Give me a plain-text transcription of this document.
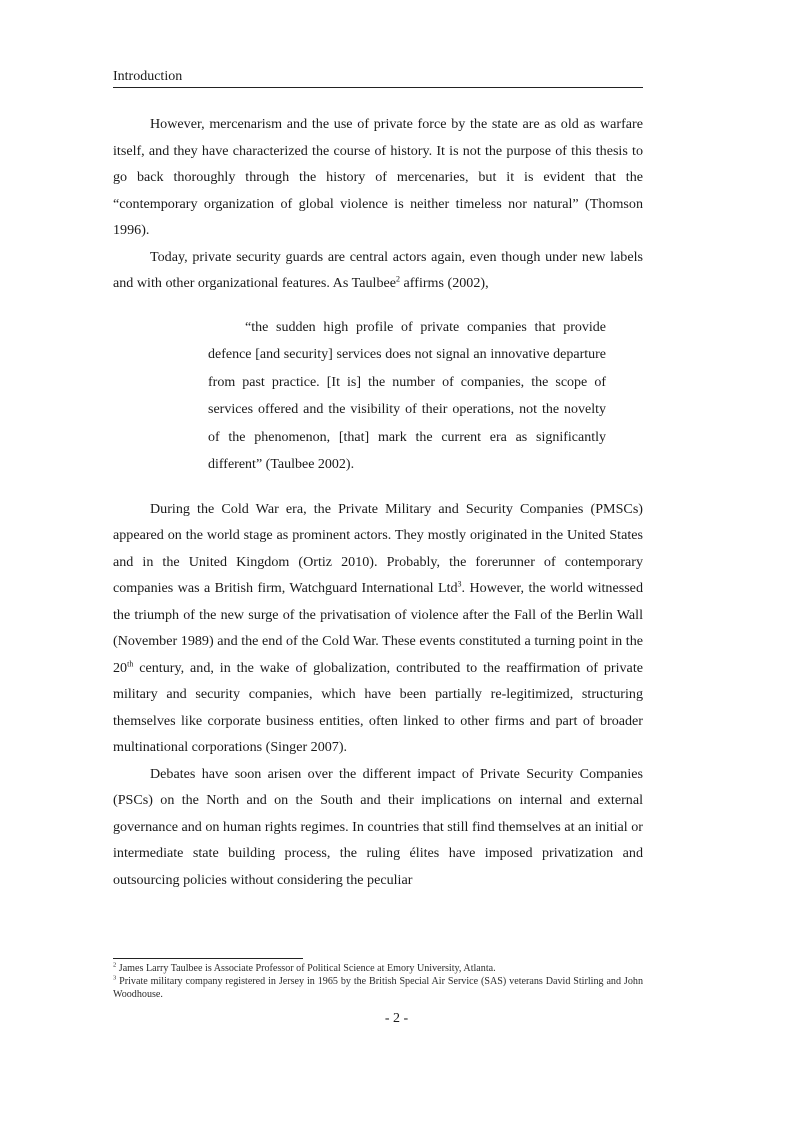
Introduction

However, mercenarism and the use of private force by the state are as old as warfare itself, and they have characterized the course of history. It is not the purpose of this thesis to go back thoroughly through the history of mercenaries, but it is evident that the “contemporary organization of global violence is neither timeless nor natural” (Thomson 1996).

Today, private security guards are central actors again, even though under new labels and with other organizational features. As Taulbee$^2$ affirms (2002),

“the sudden high profile of private companies that provide defence [and security] services does not signal an innovative departure from past practice. [It is] the number of companies, the scope of services offered and the visibility of their operations, not the novelty of the phenomenon, [that] mark the current era as significantly different” (Taulbee 2002).

During the Cold War era, the Private Military and Security Companies (PMSCs) appeared on the world stage as prominent actors. They mostly originated in the United States and in the United Kingdom (Ortiz 2010). Probably, the forerunner of contemporary companies was a British firm, Watchguard International Ltd$^3$. However, the world witnessed the triumph of the new surge of the privatisation of violence after the Fall of the Berlin Wall (November 1989) and the end of the Cold War. These events constituted a turning point in the 20th century, and, in the wake of globalization, contributed to the reaffirmation of private military and security companies, which have been partially re-legitimized, structuring themselves like corporate business entities, often linked to other firms and part of broader multinational corporations (Singer 2007).

Debates have soon arisen over the different impact of Private Security Companies (PSCs) on the North and on the South and their implications on internal and external governance and on human rights regimes. In countries that still find themselves at an initial or intermediate state building process, the ruling élites have imposed privatization and outsourcing policies without considering the peculiar

$^2$ James Larry Taulbee is Associate Professor of Political Science at Emory University, Atlanta.

$^3$ Private military company registered in Jersey in 1965 by the British Special Air Service (SAS) veterans David Stirling and John Woodhouse.

- 2 -
